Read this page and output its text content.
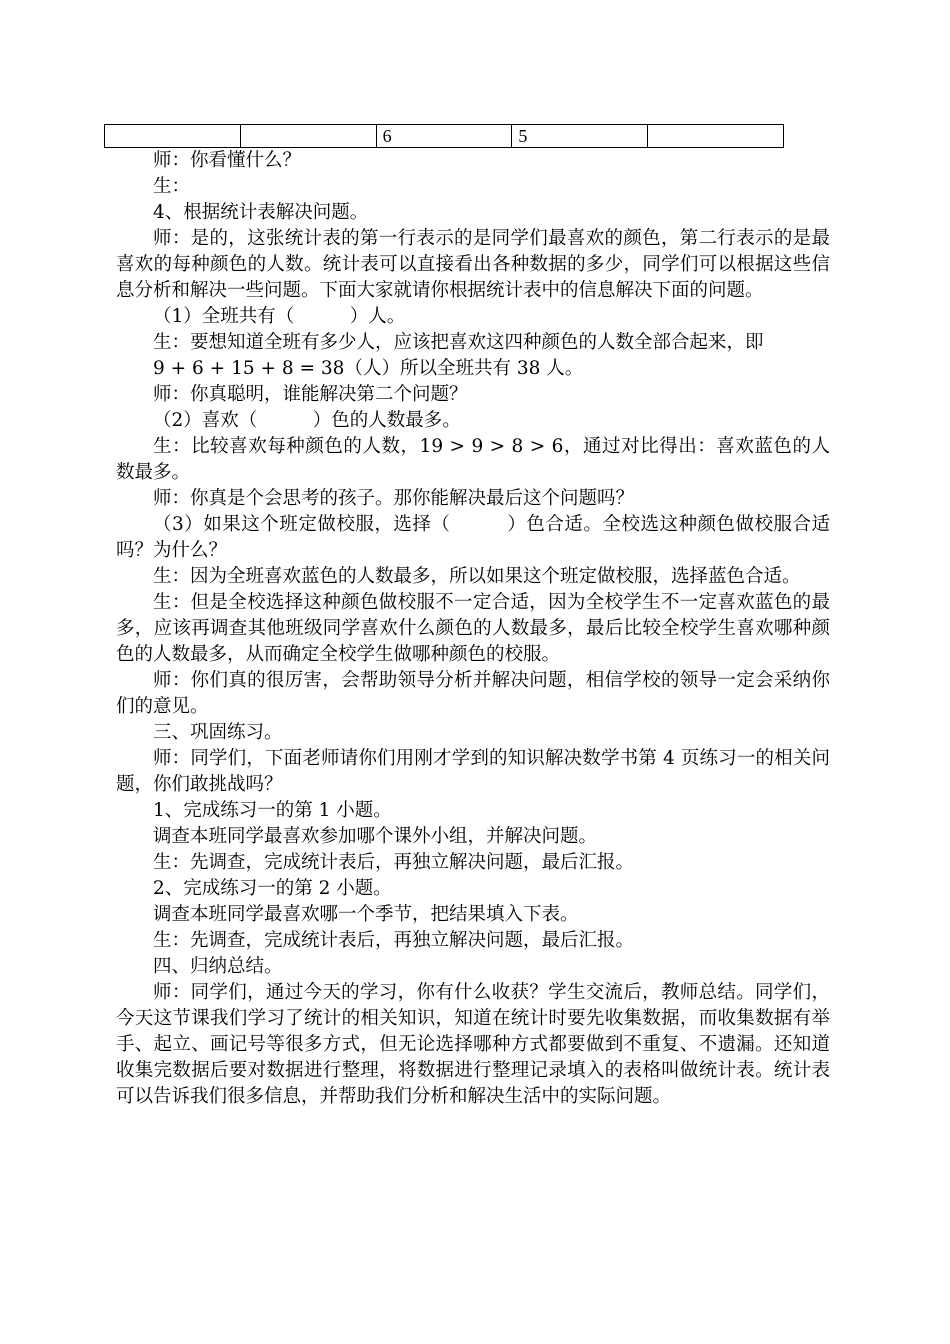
		6	5	

师：你看懂什么？

生：

4、根据统计表解决问题。

师：是的，这张统计表的第一行表示的是同学们最喜欢的颜色，第二行表示的是最喜欢的每种颜色的人数。统计表可以直接看出各种数据的多少，同学们可以根据这些信息分析和解决一些问题。下面大家就请你根据统计表中的信息解决下面的问题。

（1）全班共有（　　　）人。

生：要想知道全班有多少人，应该把喜欢这四种颜色的人数全部合起来，即

9 + 6 + 15 + 8 = 38（人）所以全班共有 38 人。

师：你真聪明，谁能解决第二个问题？

（2）喜欢（　　　）色的人数最多。

生：比较喜欢每种颜色的人数，19 > 9 > 8 > 6，通过对比得出：喜欢蓝色的人数最多。

师：你真是个会思考的孩子。那你能解决最后这个问题吗？

（3）如果这个班定做校服，选择（　　　）色合适。全校选这种颜色做校服合适吗？为什么？

生：因为全班喜欢蓝色的人数最多，所以如果这个班定做校服，选择蓝色合适。

生：但是全校选择这种颜色做校服不一定合适，因为全校学生不一定喜欢蓝色的最多，应该再调查其他班级同学喜欢什么颜色的人数最多，最后比较全校学生喜欢哪种颜色的人数最多，从而确定全校学生做哪种颜色的校服。

师：你们真的很厉害，会帮助领导分析并解决问题，相信学校的领导一定会采纳你们的意见。

三、巩固练习。

师：同学们，下面老师请你们用刚才学到的知识解决数学书第 4 页练习一的相关问题，你们敢挑战吗？

1、完成练习一的第 1 小题。

调查本班同学最喜欢参加哪个课外小组，并解决问题。

生：先调查，完成统计表后，再独立解决问题，最后汇报。

2、完成练习一的第 2 小题。

调查本班同学最喜欢哪一个季节，把结果填入下表。

生：先调查，完成统计表后，再独立解决问题，最后汇报。

四、归纳总结。

师：同学们，通过今天的学习，你有什么收获？学生交流后，教师总结。同学们，今天这节课我们学习了统计的相关知识，知道在统计时要先收集数据，而收集数据有举手、起立、画记号等很多方式，但无论选择哪种方式都要做到不重复、不遗漏。还知道收集完数据后要对数据进行整理，将数据进行整理记录填入的表格叫做统计表。统计表可以告诉我们很多信息，并帮助我们分析和解决生活中的实际问题。
